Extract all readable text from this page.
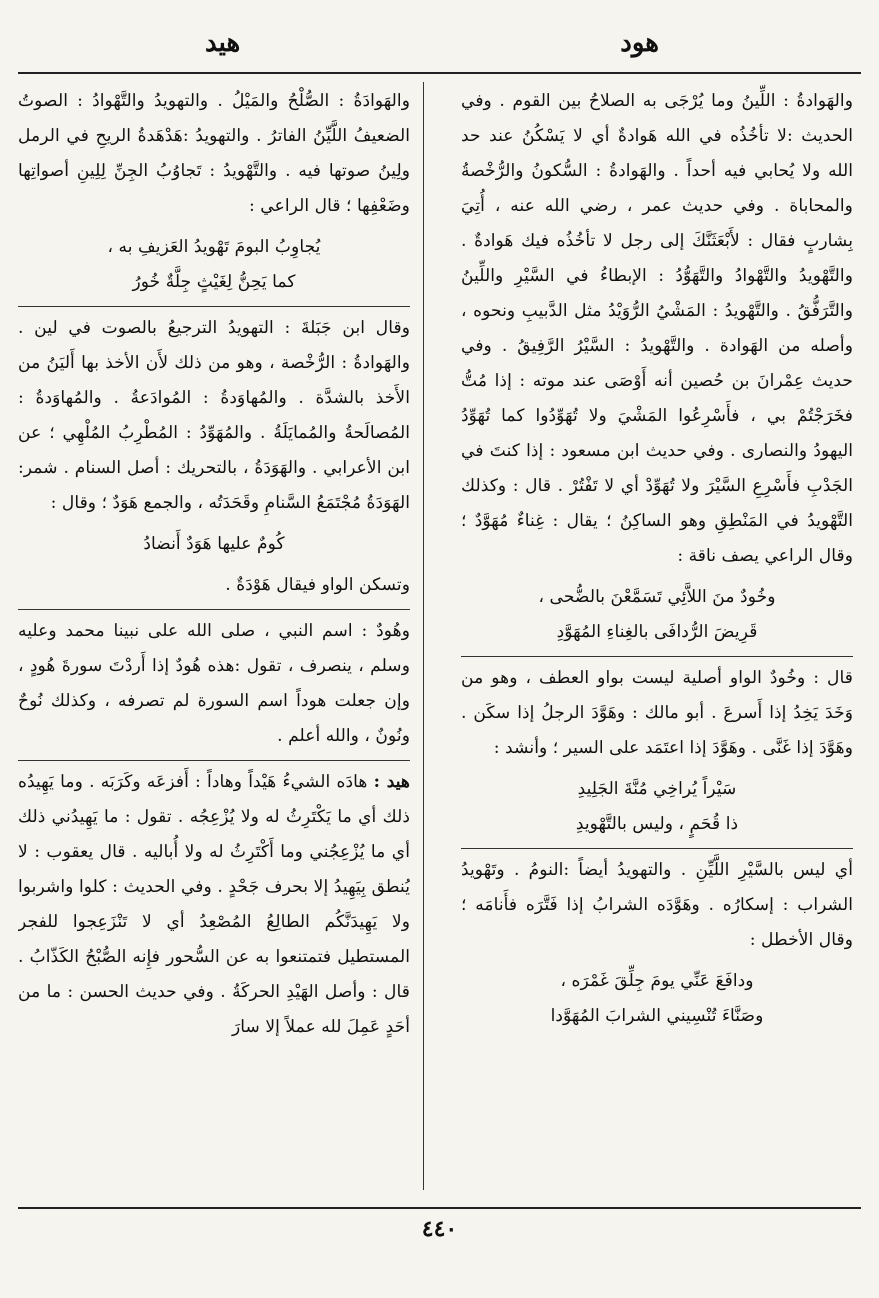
هود
هيد

والهَوادةُ : اللِّينُ وما يُرْجَى به الصلاحُ بين القوم . وفي الحديث :لا تأخُذُه في الله هَوادةٌ أي لا يَسْكُنُ عند حد الله ولا يُحابي فيه أحداً . والهَوادةُ : السُّكونُ والرُّخْصةُ والمحاباة . وفي حديث عمر ، رضي الله عنه ، أُتِيَ بِشاربٍ فقال : لأَبْعَثَنَّكَ إلى رجل لا تأخُذُه فيك هَوادةٌ . والتَّهْويدُ والتَّهْوادُ والتَّهَوُّدُ : الإبطاءُ في السَّيْرِ واللِّينُ والتَّرَفُّقُ . والتَّهْويدُ : المَشْيُ الرُّوَيْدُ مثل الدَّبيبِ ونحوه ، وأصله من الهَوادة . والتَّهْويدُ : السَّيْرُ الرَّفِيقُ . وفي حديث عِمْرانَ بن حُصين أنه أَوْصَى عند موته : إذا مُتُّ فخَرَجْتُمْ بي ، فأَسْرِعُوا المَشْيَ ولا تُهَوِّدُوا كما تُهَوِّدُ اليهودُ والنصارى . وفي حديث ابن مسعود : إذا كنتَ في الجَدْبِ فأَسْرِعِ السَّيْرَ ولا تُهَوِّدْ أي لا تَفْتُرْ . قال : وكذلك التَّهْويدُ في المَنْطِقِ وهو الساكِنُ ؛ يقال : غِناءٌ مُهَوَّدٌ ؛ وقال الراعي يصف ناقة :

وخُودٌ منَ اللاَّئِي تَسَمَّعْنَ بالضُّحى ،
قَرِيضَ الرُّدافَى بالغِناءِ المُهَوَّدِ

قال : وخُودٌ الواو أصلية ليست بواو العطف ، وهو من وَخَدَ يَخِدُ إذا أَسرعَ . أبو مالك : وهَوَّدَ الرجلُ إذا سكَن . وهَوَّدَ إذا غَنَّى . وهَوَّدَ إذا اعتَمَد على السير ؛ وأنشد :

سَيْراً يُراخِي مُنَّةَ الجَلِيدِ
ذا قُحَمٍ ، وليس بالتَّهْويدِ

أي ليس بالسَّيْرِ اللَّيِّنِ . والتهويدُ أيضاً :النومُ . وتَهْويدُ الشراب : إسكارُه . وهَوَّدَه الشرابُ إذا فَتَّرَه فأَنامَه ؛ وقال الأخطل :

ودافَعَ عَنِّي يومَ جِلِّقَ غَمْرَه ،
وصَنَّاءَ تُنْسِيني الشرابَ المُهَوَّدا

والهَوادَةُ : الصُّلْحُ والمَيْلُ . والتهويدُ والتَّهْوادُ : الصوتُ الضعيفُ اللَّيِّنُ الفاترُ . والتهويدُ :هَدْهَدةُ الريحِ في الرمل ولِينُ صوتها فيه . والتَّهْويدُ : تَجاوُبُ الجِنِّ لِلِينِ أصواتِها وضَعْفِها ؛ قال الراعي :

يُجاوِبُ البومَ تَهْويدُ العَزيفِ به ،
كما يَحِنُّ لِغَيْثٍ جِلَّةٌ خُورُ

وقال ابن جَبَلةَ : التهويدُ الترجيعُ بالصوت في لين . والهَوادةُ : الرُّخْصة ، وهو من ذلك لأَن الأخذ بها أَليَنُ من الأَخذ بالشدَّة . والمُهاوَدةُ : المُوادَعةُ . والمُهاوَدةُ : المُصالَحةُ والمُمايَلَةُ . والمُهَوِّدُ : المُطْرِبُ المُلْهِي ؛ عن ابن الأعرابي . والهَوَدَةُ ، بالتحريك : أصل السنام . شمر: الهَوَدَةُ مُجْتَمَعُ السَّنامِ وقَحَدَتُه ، والجمع هَوَدٌ ؛ وقال :

كُومٌ عليها هَوَدٌ أَنضادُ

وتسكن الواو فيقال هَوْدَةٌ .

وهُودٌ : اسم النبي ، صلى الله على نبينا محمد وعليه وسلم ، ينصرف ، تقول :هذه هُودٌ إذا أَردْتَ سورةَ هُودٍ ، وإن جعلت هوداً اسم السورة لم تصرفه ، وكذلك نُوحٌ ونُونٌ ، والله أعلم .

هيد : هادَه الشيءُ هَيْداً وهاداً : أَفزعَه وكَرَبَه . وما يَهِيدُه ذلك أي ما يَكْتَرِثُ له ولا يُزْعِجُه . تقول : ما يَهِيدُني ذلك أي ما يُزْعِجُني وما أَكْتَرِثُ له ولا أُباليه . قال يعقوب : لا يُنطق بِيَهِيدُ إلا بحرف جَحْدٍ . وفي الحديث : كلوا واشربوا ولا يَهِيدَنَّكُم الطالِعُ المُصْعِدُ أي لا تَنْزَعِجوا للفجر المستطيل فتمتنعوا به عن السُّحور فإِنه الصُّبْحُ الكَذّابُ . قال : وأصل الهَيْدِ الحركَةُ . وفي حديث الحسن : ما من أحَدٍ عَمِلَ لله عملاً إلا سارَ

٤٤٠
